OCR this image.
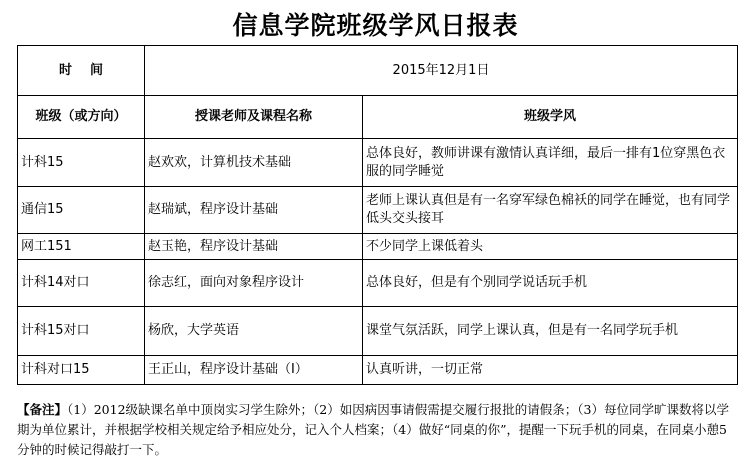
信息学院班级学风日报表
时    间	2015年12月1日	
班级（或方向）	授课老师及课程名称	班级学风
计科15	赵欢欢，计算机技术基础	总体良好，教师讲课有激情认真详细，最后一排有1位穿黑色衣服的同学睡觉
通信15	赵瑞斌，程序设计基础	老师上课认真但是有一名穿军绿色棉袄的同学在睡觉，也有同学低头交头接耳
网工151	赵玉艳，程序设计基础	不少同学上课低着头
计科14对口	徐志红，面向对象程序设计	总体良好，但是有个别同学说话玩手机
计科15对口	杨欣，大学英语	课堂气氛活跃，同学上课认真，但是有一名同学玩手机
计科对口15	王正山，程序设计基础（I）	认真听讲，一切正常
【备注】（1）2012级缺课名单中顶岗实习学生除外；（2）如因病因事请假需提交履行报批的请假条；（3）每位同学旷课数将以学期为单位累计，并根据学校相关规定给予相应处分，记入个人档案；（4）做好“同桌的你”，提醒一下玩手机的同桌，在同桌小憩5分钟的时候记得敲打一下。
